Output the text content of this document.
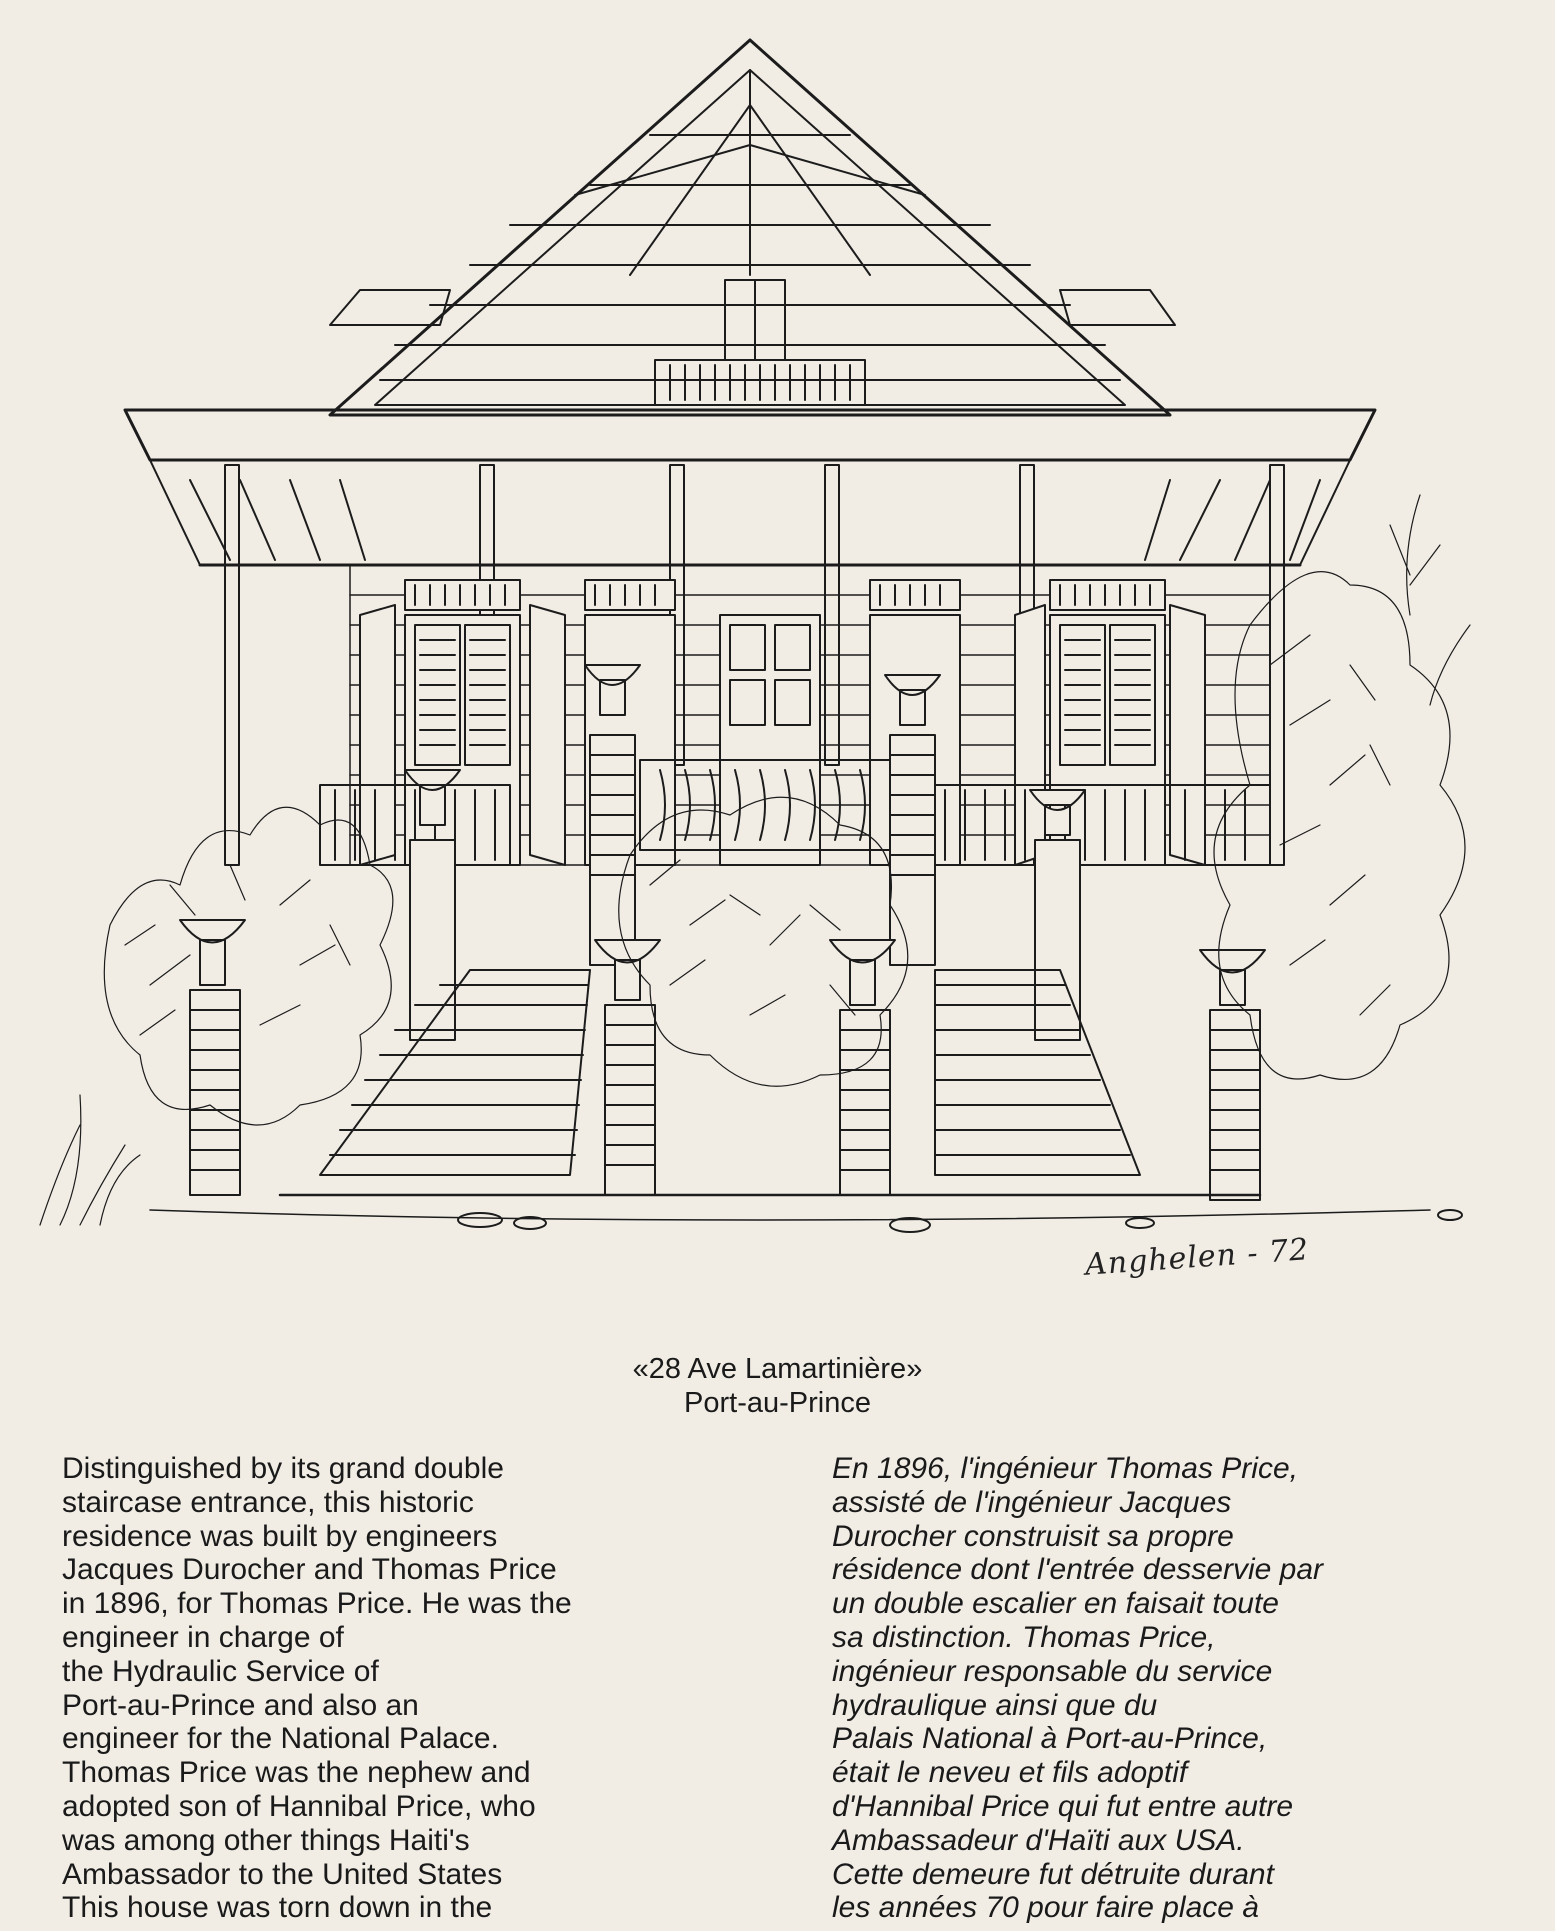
Anghelen - 72
«28 Ave Lamartinière»
Port-au-Prince
Distinguished by its grand double
staircase entrance, this historic
residence was built by engineers
Jacques Durocher and Thomas Price
in 1896, for Thomas Price. He was the
engineer in charge of
the Hydraulic Service of
Port-au-Prince and also an
engineer for the National Palace.
Thomas Price was the nephew and
adopted son of Hannibal Price, who
was among other things Haiti's
Ambassador to the United States
This house was torn down in the
En 1896, l'ingénieur Thomas Price,
assisté de l'ingénieur Jacques
Durocher construisit sa propre
résidence dont l'entrée desservie par
un double escalier en faisait toute
sa distinction. Thomas Price,
ingénieur responsable du service
hydraulique ainsi que du
Palais National à Port-au-Prince,
était le neveu et fils adoptif
d'Hannibal Price qui fut entre autre
Ambassadeur d'Haïti aux USA.
Cette demeure fut détruite durant
les années 70 pour faire place à
